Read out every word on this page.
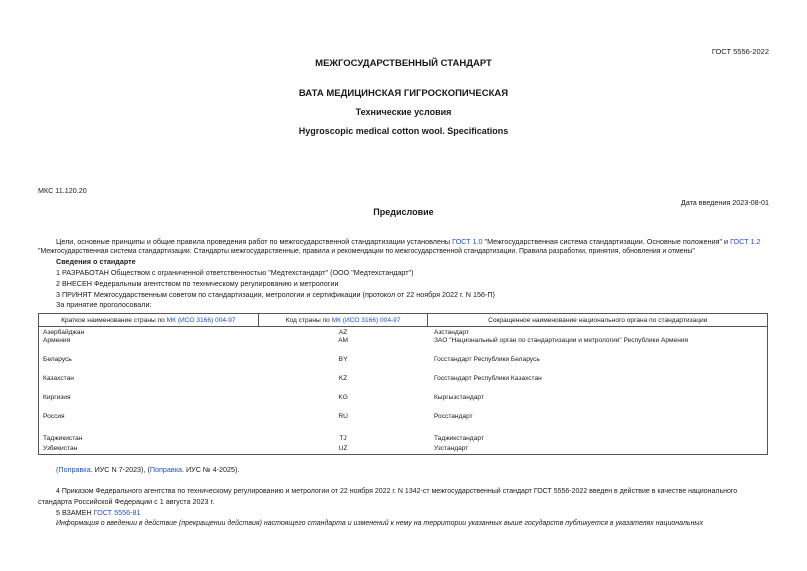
ГОСТ 5556-2022
МЕЖГОСУДАРСТВЕННЫЙ СТАНДАРТ
ВАТА МЕДИЦИНСКАЯ ГИГРОСКОПИЧЕСКАЯ
Технические условия
Hygroscopic medical cotton wool. Specifications
МКС 11.120.20
Дата введения 2023-08-01
Предисловие
Цели, основные принципы и общие правила проведения работ по межгосударственной стандартизации установлены ГОСТ 1.0 "Межгосударственная система стандартизации. Основные положения" и ГОСТ 1.2
"Межгосударственная система стандартизации. Стандарты межгосударственные, правила и рекомендации по межгосударственной стандартизации. Правила разработки, принятия, обновления и отмены"
Сведения о стандарте
1 РАЗРАБОТАН Обществом с ограниченной ответственностью "Медтехстандарт" (ООО "Медтехстандарт")
2 ВНЕСЕН Федеральным агентством по техническому регулированию и метрологии
3 ПРИНЯТ Межгосударственным советом по стандартизации, метрологии и сертификации (протокол от 22 ноября 2022 г. N 156-П)
За принятие проголосовали:
Краткое наименование страны по МК (ИСО 3166) 004-97	Код страны по МК (ИСО 3166) 004-97	Сокращенное наименование национального органа по стандартизации
Азербайджан	AZ	Азстандарт
Армения	AM	ЗАО "Национальный орган по стандартизации и метрологии" Республики Армения
Беларусь	BY	Госстандарт Республики Беларусь
Казахстан	KZ	Госстандарт Республики Казахстан
Киргизия	KG	Кыргызстандарт
Россия	RU	Росстандарт
Таджикистан	TJ	Таджикстандарт
Узбекистан	UZ	Узстандарт
(Поправка. ИУС N 7-2023), (Поправка. ИУС № 4-2025).
4 Приказом Федерального агентства по техническому регулированию и метрологии от 22 ноября 2022 г. N 1342-ст межгосударственный стандарт ГОСТ 5556-2022 введен в действие в качестве национального
стандарта Российской Федерации с 1 августа 2023 г.
5 ВЗАМЕН ГОСТ 5556-81
Информация о введении в действие (прекращении действия) настоящего стандарта и изменений к нему на территории указанных выше государств публикуется в указателях национальных
